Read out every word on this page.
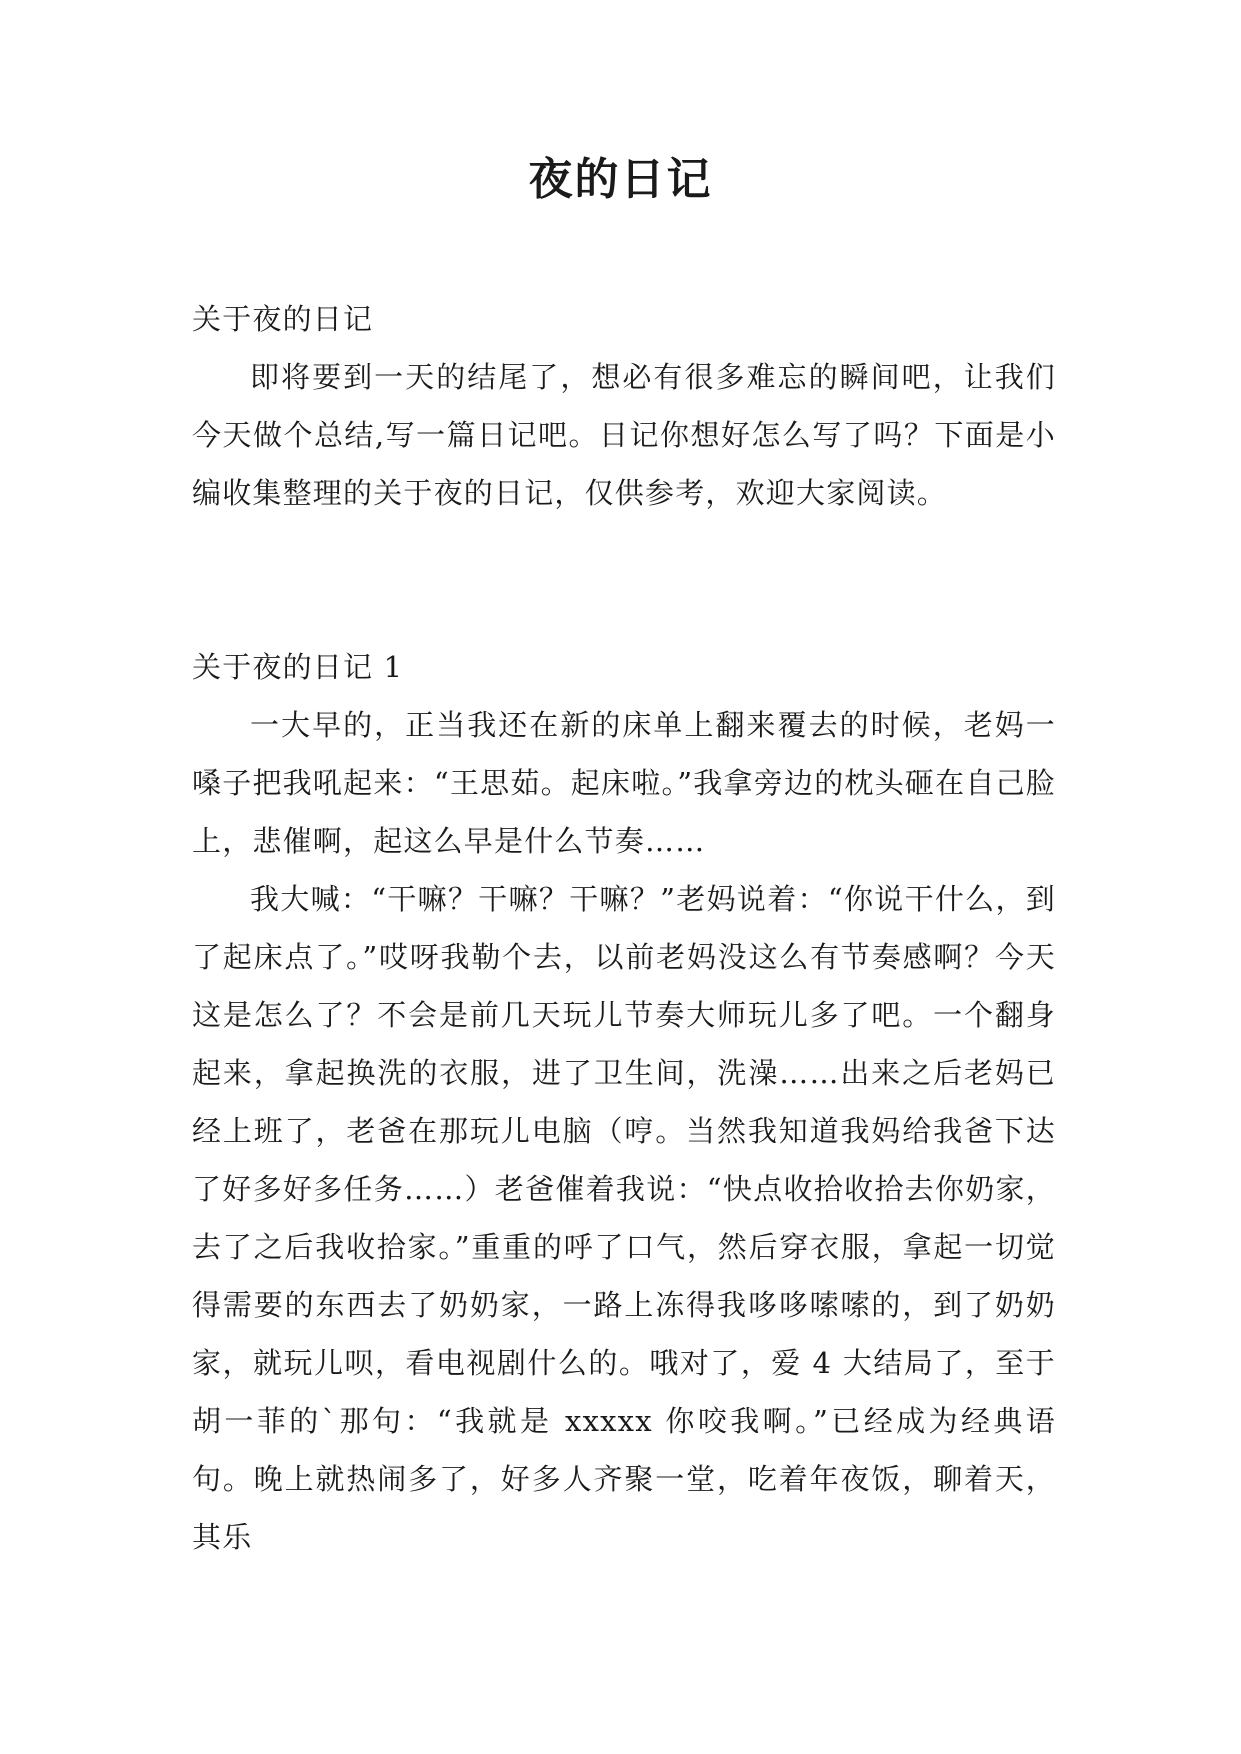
夜的日记

关于夜的日记

即将要到一天的结尾了，想必有很多难忘的瞬间吧，让我们今天做个总结,写一篇日记吧。日记你想好怎么写了吗？下面是小编收集整理的关于夜的日记，仅供参考，欢迎大家阅读。

关于夜的日记 1

一大早的，正当我还在新的床单上翻来覆去的时候，老妈一嗓子把我吼起来：“王思茹。起床啦。”我拿旁边的枕头砸在自己脸上，悲催啊，起这么早是什么节奏……

我大喊：“干嘛？干嘛？干嘛？”老妈说着：“你说干什么，到了起床点了。”哎呀我勒个去，以前老妈没这么有节奏感啊？今天这是怎么了？不会是前几天玩儿节奏大师玩儿多了吧。一个翻身起来，拿起换洗的衣服，进了卫生间，洗澡……出来之后老妈已经上班了，老爸在那玩儿电脑（哼。当然我知道我妈给我爸下达了好多好多任务……）老爸催着我说：“快点收拾收拾去你奶家，去了之后我收拾家。”重重的呼了口气，然后穿衣服，拿起一切觉得需要的东西去了奶奶家，一路上冻得我哆哆嗦嗦的，到了奶奶家，就玩儿呗，看电视剧什么的。哦对了，爱 4 大结局了，至于胡一菲的`那句：“我就是 xxxxx 你咬我啊。”已经成为经典语句。晚上就热闹多了，好多人齐聚一堂，吃着年夜饭，聊着天，其乐
